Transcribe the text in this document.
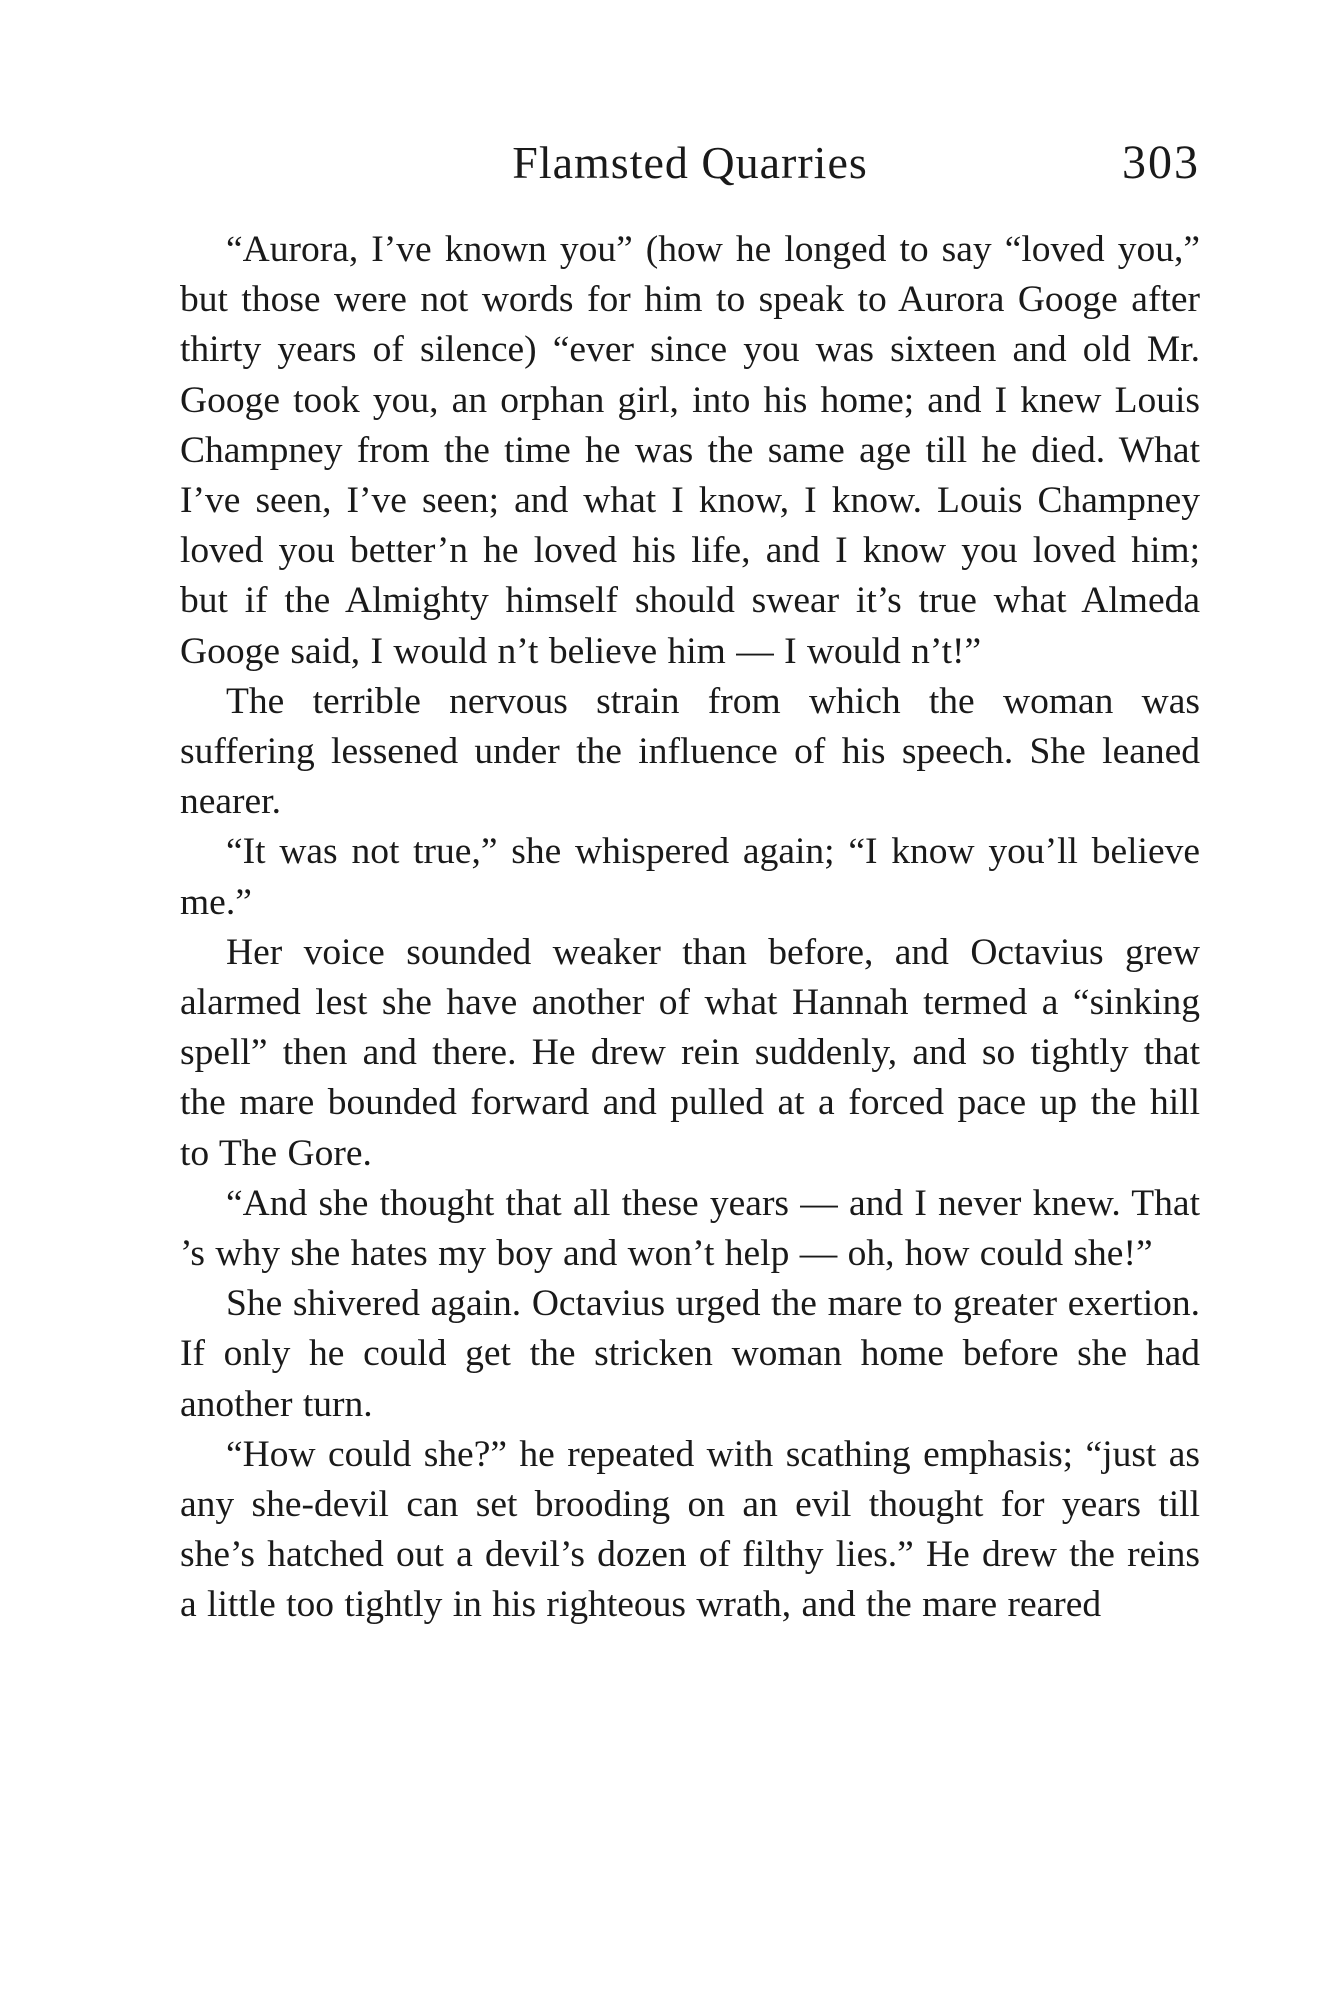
Flamsted Quarries	303

“Aurora, I’ve known you” (how he longed to say “loved you,” but those were not words for him to speak to Aurora Googe after thirty years of silence) “ever since you was sixteen and old Mr. Googe took you, an orphan girl, into his home; and I knew Louis Champney from the time he was the same age till he died. What I’ve seen, I’ve seen; and what I know, I know. Louis Champney loved you better’n he loved his life, and I know you loved him; but if the Almighty himself should swear it’s true what Almeda Googe said, I would n’t believe him — I would n’t!”

The terrible nervous strain from which the woman was suffering lessened under the influence of his speech. She leaned nearer.

“It was not true,” she whispered again; “I know you’ll believe me.”

Her voice sounded weaker than before, and Octavius grew alarmed lest she have another of what Hannah termed a “sinking spell” then and there. He drew rein suddenly, and so tightly that the mare bounded forward and pulled at a forced pace up the hill to The Gore.

“And she thought that all these years — and I never knew. That ’s why she hates my boy and won’t help — oh, how could she!”

She shivered again. Octavius urged the mare to greater exertion. If only he could get the stricken woman home before she had another turn.

“How could she?” he repeated with scathing emphasis; “just as any she-devil can set brooding on an evil thought for years till she’s hatched out a devil’s dozen of filthy lies.” He drew the reins a little too tightly in his righteous wrath, and the mare reared
